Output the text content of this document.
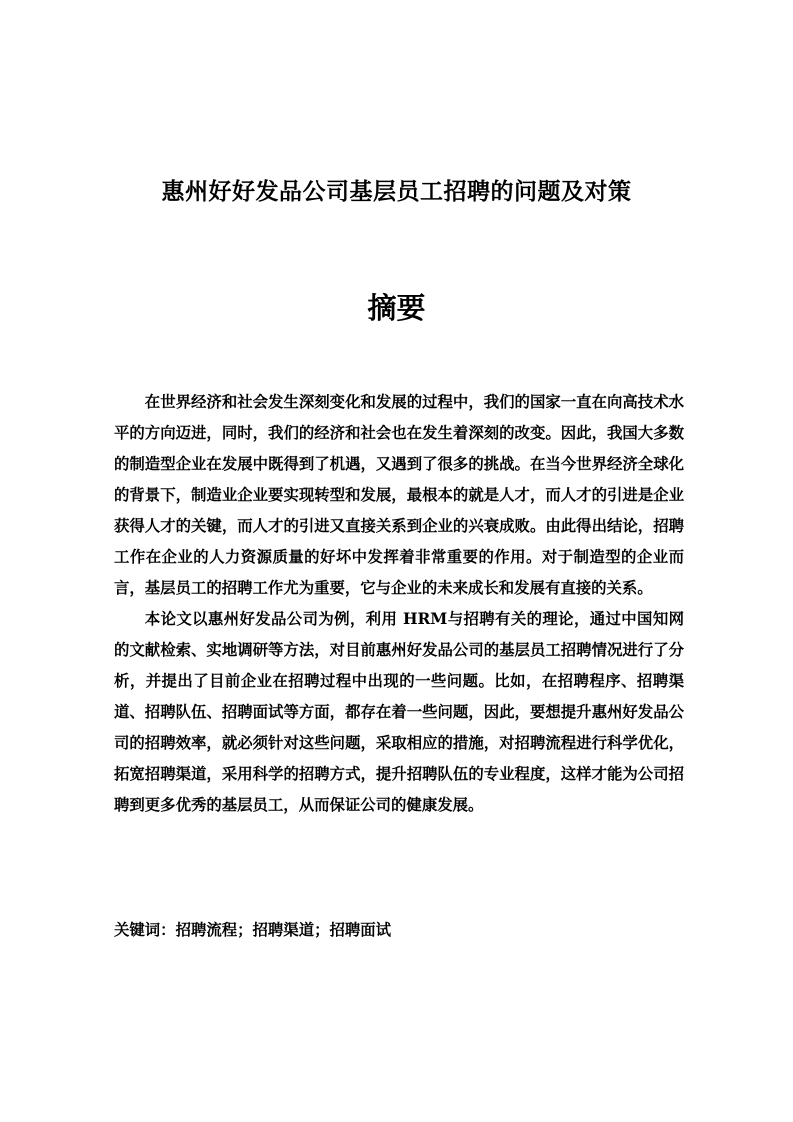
惠州好好发品公司基层员工招聘的问题及对策
摘要

在世界经济和社会发生深刻变化和发展的过程中，我们的国家一直在向高技术水平的方向迈进，同时，我们的经济和社会也在发生着深刻的改变。因此，我国大多数的制造型企业在发展中既得到了机遇，又遇到了很多的挑战。在当今世界经济全球化的背景下，制造业企业要实现转型和发展，最根本的就是人才，而人才的引进是企业获得人才的关键，而人才的引进又直接关系到企业的兴衰成败。由此得出结论，招聘工作在企业的人力资源质量的好坏中发挥着非常重要的作用。对于制造型的企业而言，基层员工的招聘工作尤为重要，它与企业的未来成长和发展有直接的关系。

本论文以惠州好发品公司为例，利用 HRM与招聘有关的理论，通过中国知网的文献检索、实地调研等方法，对目前惠州好发品公司的基层员工招聘情况进行了分析，并提出了目前企业在招聘过程中出现的一些问题。比如，在招聘程序、招聘渠道、招聘队伍、招聘面试等方面，都存在着一些问题，因此，要想提升惠州好发品公司的招聘效率，就必须针对这些问题，采取相应的措施，对招聘流程进行科学优化，拓宽招聘渠道，采用科学的招聘方式，提升招聘队伍的专业程度，这样才能为公司招聘到更多优秀的基层员工，从而保证公司的健康发展。

关键词：招聘流程；招聘渠道；招聘面试
